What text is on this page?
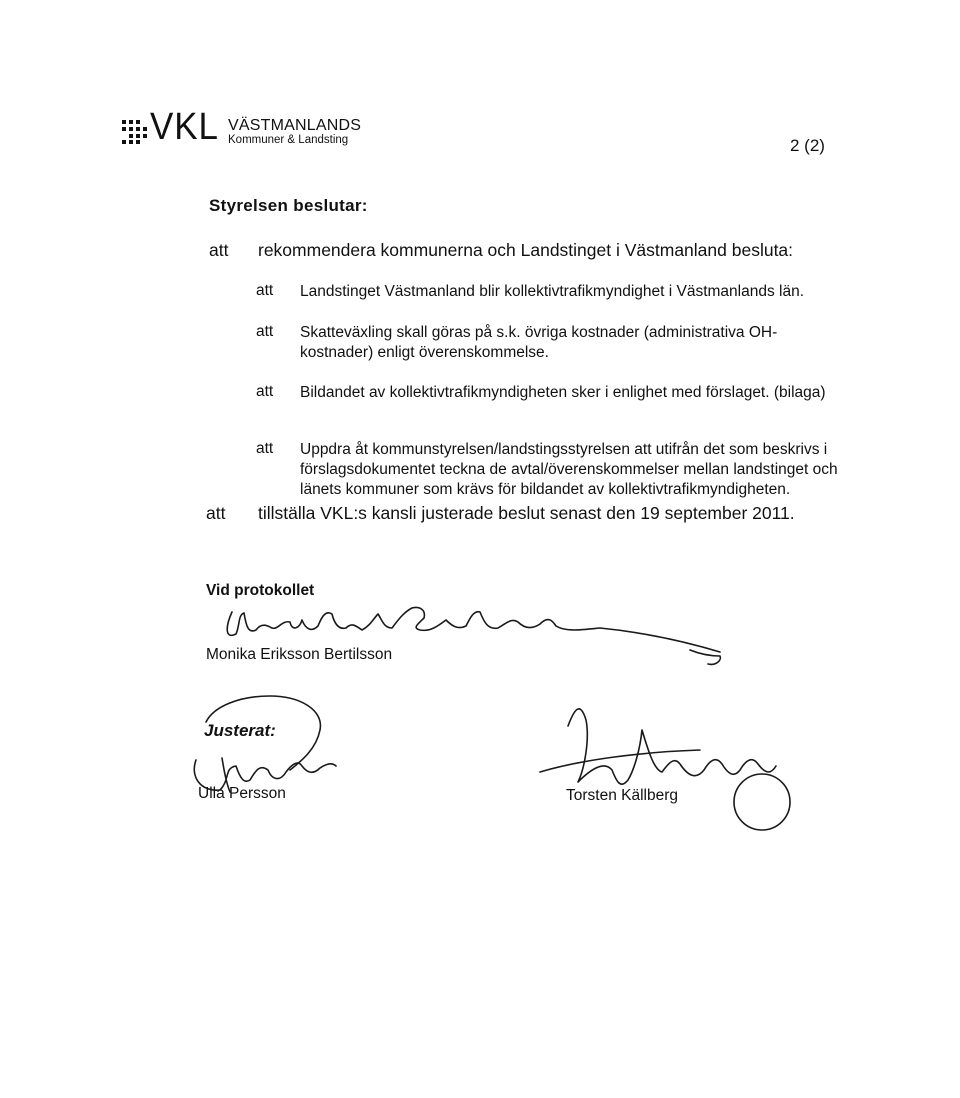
VKL VÄSTMANLANDS
Kommuner & Landsting	2 (2)
Styrelsen beslutar:
att rekommendera kommunerna och Landstinget i Västmanland besluta:
att Landstinget Västmanland blir kollektivtrafikmyndighet i Västmanlands län.
att Skatteväxling skall göras på s.k. övriga kostnader (administrativa OH-
kostnader) enligt överenskommelse.
att Bildandet av kollektivtrafikmyndigheten sker i enlighet med förslaget. (bilaga)
att Uppdra åt kommunstyrelsen/landstingsstyrelsen att utifrån det som beskrivs i
förslagsdokumentet teckna de avtal/överenskommelser mellan landstinget och
länets kommuner som krävs för bildandet av kollektivtrafikmyndigheten.
att tillställa VKL:s kansli justerade beslut senast den 19 september 2011.
Vid protokollet
Monika Eriksson Bertilsson
Justerat:
Ulla Persson	Torsten Källberg
